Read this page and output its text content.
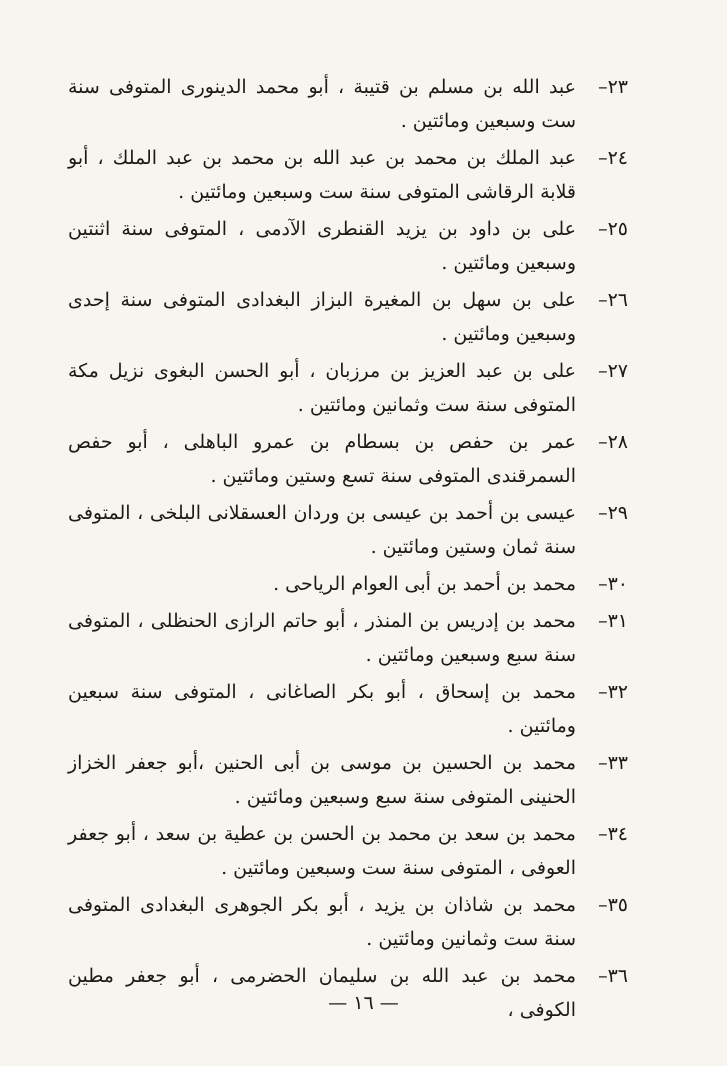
٢٣–
عبد الله بن مسلم بن قتيبة ، أبو محمد الدينورى المتوفى سنة ست وسبعين ومائتين .
٢٤–
عبد الملك بن محمد بن عبد الله بن محمد بن عبد الملك ، أبو قلابة الرقاشى المتوفى سنة ست وسبعين ومائتين .
٢٥–
على بن داود بن يزيد القنطرى الآدمى ، المتوفى سنة اثنتين وسبعين ومائتين .
٢٦–
على بن سهل بن المغيرة البزاز البغدادى المتوفى سنة إحدى وسبعين ومائتين .
٢٧–
على بن عبد العزيز بن مرزبان ، أبو الحسن البغوى نزيل مكة المتوفى سنة ست وثمانين ومائتين .
٢٨–
عمر بن حفص بن بسطام بن عمرو الباهلى ، أبو حفص السمرقندى المتوفى سنة تسع وستين ومائتين .
٢٩–
عيسى بن أحمد بن عيسى بن وردان العسقلانى البلخى ، المتوفى سنة ثمان وستين ومائتين .
٣٠–
محمد بن أحمد بن أبى العوام الرياحى .
٣١–
محمد بن إدريس بن المنذر ، أبو حاتم الرازى الحنظلى ، المتوفى سنة سبع وسبعين ومائتين .
٣٢–
محمد بن إسحاق ، أبو بكر الصاغانى ، المتوفى سنة سبعين ومائتين .
٣٣–
محمد بن الحسين بن موسى بن أبى الحنين ،أبو جعفر الخزاز الحنينى المتوفى سنة سبع وسبعين ومائتين .
٣٤–
محمد بن سعد بن محمد بن الحسن بن عطية بن سعد ، أبو جعفر العوفى ، المتوفى سنة ست وسبعين ومائتين .
٣٥–
محمد بن شاذان بن يزيد ، أبو بكر الجوهرى البغدادى المتوفى سنة ست وثمانين ومائتين .
٣٦–
محمد بن عبد الله بن سليمان الحضرمى ، أبو جعفر مطين الكوفى ،
— ١٦ —
